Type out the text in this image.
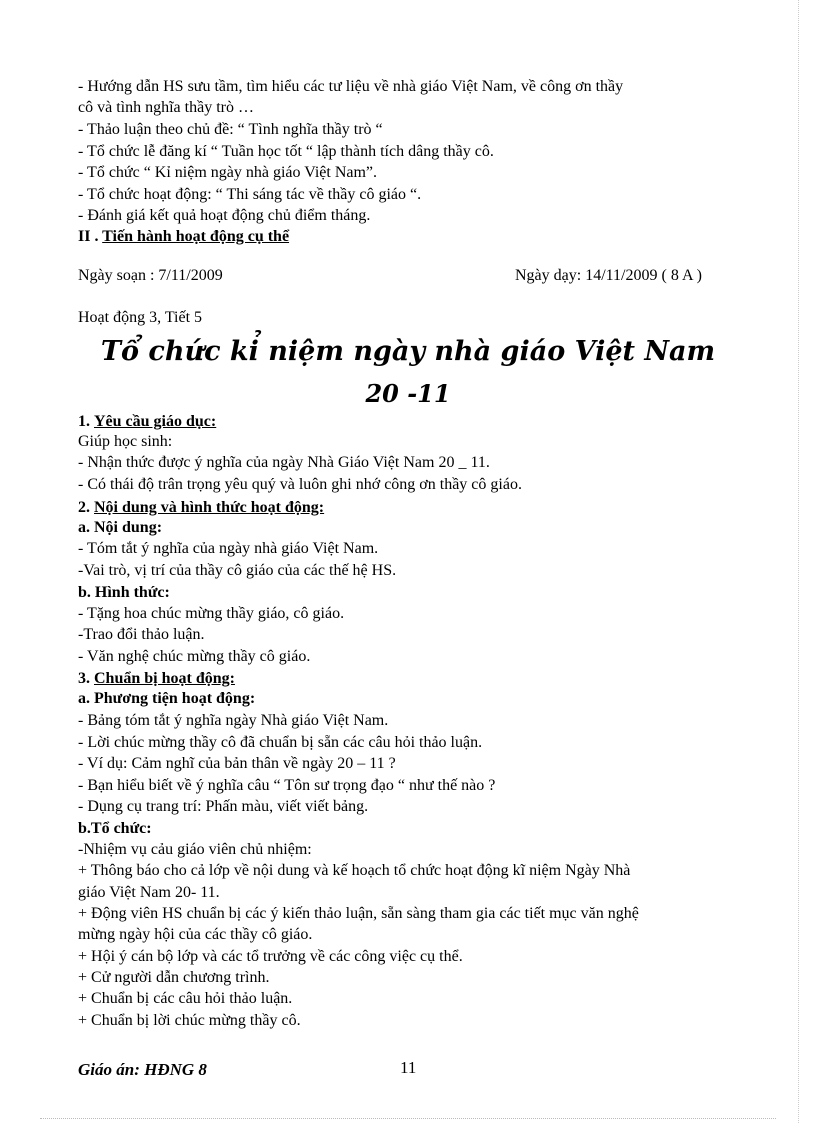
- Hướng dẫn HS sưu tầm, tìm hiểu các tư liệu về nhà giáo Việt Nam, về công ơn thầy
cô và tình nghĩa thầy trò …
- Thảo luận theo chủ đề: “ Tình nghĩa thầy trò “
- Tổ chức lễ đăng kí “ Tuần học tốt “ lập thành tích dâng thầy cô.
- Tổ chức “ Kỉ niệm ngày nhà giáo Việt Nam”.
- Tổ chức hoạt động: “ Thi sáng tác về thầy cô giáo “.
- Đánh giá kết quả hoạt động chủ điểm tháng.
II . Tiến hành hoạt động cụ thể
Ngày soạn : 7/11/2009	Ngày dạy: 14/11/2009 ( 8 A )
Hoạt động 3, Tiết 5
Tổ chức kỉ niệm ngày nhà giáo Việt Nam
20 -11
1. Yêu cầu giáo dục:
Giúp học sinh:
- Nhận thức được ý nghĩa của ngày Nhà Giáo Việt Nam 20 _ 11.
- Có thái độ trân trọng yêu quý và luôn ghi nhớ công ơn thầy cô giáo.
2. Nội dung và hình thức hoạt động:
a. Nội dung:
- Tóm tắt ý nghĩa của ngày nhà giáo Việt Nam.
-Vai trò, vị trí của thầy cô giáo của các thế hệ HS.
b. Hình thức:
- Tặng hoa chúc mừng thầy giáo, cô giáo.
-Trao đổi thảo luận.
- Văn nghệ chúc mừng thầy cô giáo.
3. Chuẩn bị hoạt động:
a. Phương tiện hoạt động:
- Bảng tóm tắt ý nghĩa ngày Nhà giáo Việt Nam.
- Lời chúc mừng thầy cô đã chuẩn bị sẵn các câu hỏi thảo luận.
- Ví dụ: Cảm nghĩ của bản thân về ngày 20 – 11 ?
- Bạn hiểu biết về ý nghĩa câu “ Tôn sư trọng đạo “ như thế nào ?
- Dụng cụ trang trí: Phấn màu, viết viết bảng.
b.Tổ chức:
-Nhiệm vụ cảu giáo viên chủ nhiệm:
+ Thông báo cho cả lớp về nội dung và kế hoạch tổ chức hoạt động kĩ niệm Ngày Nhà
giáo Việt Nam 20- 11.
+ Động viên HS chuẩn bị các ý kiến thảo luận, sẵn sàng tham gia các tiết mục văn nghệ
mừng ngày hội của các thầy cô giáo.
+ Hội ý cán bộ lớp và các tổ trưởng về các công việc cụ thể.
+ Cử người dẫn chương trình.
+ Chuẩn bị các câu hỏi thảo luận.
+ Chuẩn bị lời chúc mừng thầy cô.
Giáo án: HĐNG 8	11
